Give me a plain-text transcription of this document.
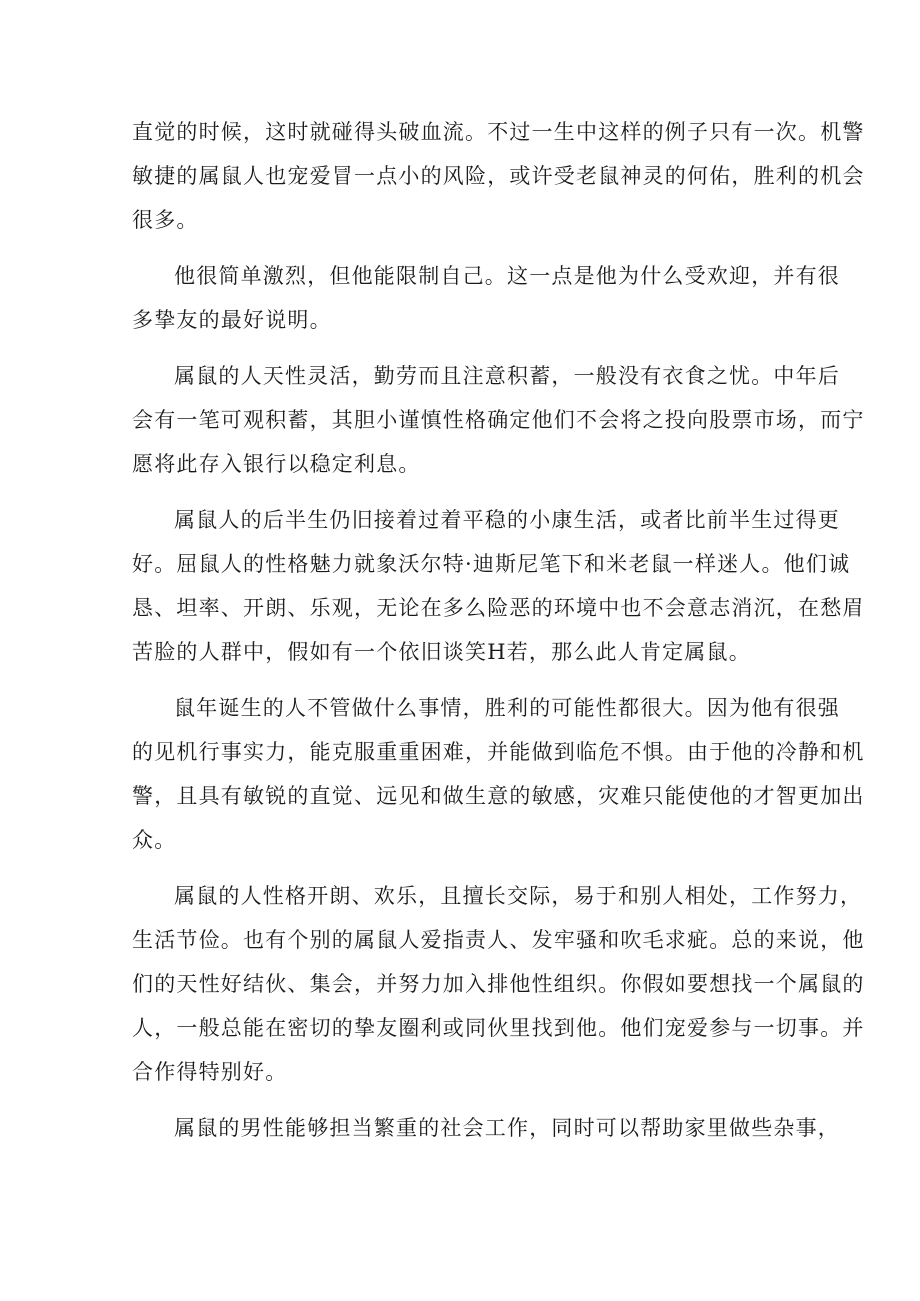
直觉的时候，这时就碰得头破血流。不过一生中这样的例子只有一次。机警
敏捷的属鼠人也宠爱冒一点小的风险，或许受老鼠神灵的何佑，胜利的机会
很多。

他很简单激烈，但他能限制自己。这一点是他为什么受欢迎，并有很
多挚友的最好说明。

属鼠的人天性灵活，勤劳而且注意积蓄，一般没有衣食之忧。中年后
会有一笔可观积蓄，其胆小谨慎性格确定他们不会将之投向股票市场，而宁
愿将此存入银行以稳定利息。

属鼠人的后半生仍旧接着过着平稳的小康生活，或者比前半生过得更
好。屈鼠人的性格魅力就象沃尔特·迪斯尼笔下和米老鼠一样迷人。他们诚
恳、坦率、开朗、乐观，无论在多么险恶的环境中也不会意志消沉，在愁眉
苦脸的人群中，假如有一个依旧谈笑H若，那么此人肯定属鼠。

鼠年诞生的人不管做什么事情，胜利的可能性都很大。因为他有很强
的见机行事实力，能克服重重困难，并能做到临危不惧。由于他的冷静和机
警，且具有敏锐的直觉、远见和做生意的敏感，灾难只能使他的才智更加出
众。

属鼠的人性格开朗、欢乐，且擅长交际，易于和别人相处，工作努力，
生活节俭。也有个别的属鼠人爱指责人、发牢骚和吹毛求疵。总的来说，他
们的天性好结伙、集会，并努力加入排他性组织。你假如要想找一个属鼠的
人，一般总能在密切的挚友圈利或同伙里找到他。他们宠爱参与一切事。并
合作得特别好。

属鼠的男性能够担当繁重的社会工作，同时可以帮助家里做些杂事，
